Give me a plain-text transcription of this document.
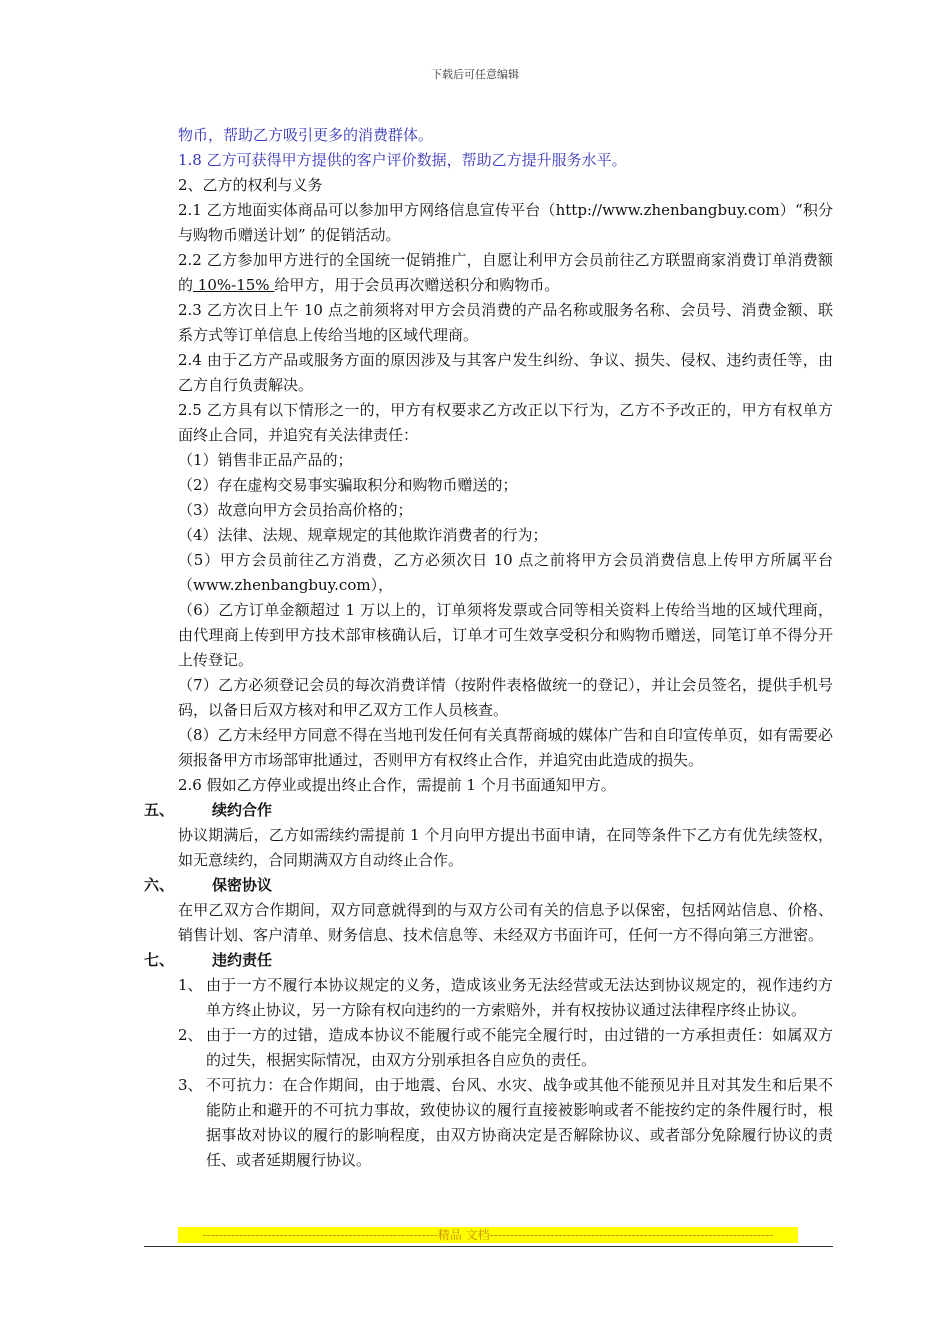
下载后可任意编辑
物币，帮助乙方吸引更多的消费群体。
1.8 乙方可获得甲方提供的客户评价数据，帮助乙方提升服务水平。
2、乙方的权利与义务
2.1 乙方地面实体商品可以参加甲方网络信息宣传平台（http://www.zhenbangbuy.com）“积分与购物币赠送计划” 的促销活动。
2.2 乙方参加甲方进行的全国统一促销推广，自愿让利甲方会员前往乙方联盟商家消费订单消费额的 10%-15% 给甲方，用于会员再次赠送积分和购物币。
2.3 乙方次日上午 10 点之前须将对甲方会员消费的产品名称或服务名称、会员号、消费金额、联系方式等订单信息上传给当地的区域代理商。
2.4 由于乙方产品或服务方面的原因涉及与其客户发生纠纷、争议、损失、侵权、违约责任等，由乙方自行负责解决。
2.5 乙方具有以下情形之一的，甲方有权要求乙方改正以下行为，乙方不予改正的，甲方有权单方面终止合同，并追究有关法律责任：
（1）销售非正品产品的；
（2）存在虚构交易事实骗取积分和购物币赠送的；
（3）故意向甲方会员抬高价格的；
（4）法律、法规、规章规定的其他欺诈消费者的行为；
（5）甲方会员前往乙方消费，乙方必须次日 10 点之前将甲方会员消费信息上传甲方所属平台（www.zhenbangbuy.com），
（6）乙方订单金额超过 1 万以上的，订单须将发票或合同等相关资料上传给当地的区域代理商，由代理商上传到甲方技术部审核确认后，订单才可生效享受积分和购物币赠送，同笔订单不得分开上传登记。
（7）乙方必须登记会员的每次消费详情（按附件表格做统一的登记），并让会员签名，提供手机号码，以备日后双方核对和甲乙双方工作人员核查。
（8）乙方未经甲方同意不得在当地刊发任何有关真帮商城的媒体广告和自印宣传单页，如有需要必须报备甲方市场部审批通过，否则甲方有权终止合作，并追究由此造成的损失。
2.6 假如乙方停业或提出终止合作，需提前 1 个月书面通知甲方。
五、	续约合作
协议期满后，乙方如需续约需提前 1 个月向甲方提出书面申请，在同等条件下乙方有优先续签权，如无意续约，合同期满双方自动终止合作。
六、	保密协议
在甲乙双方合作期间，双方同意就得到的与双方公司有关的信息予以保密，包括网站信息、价格、销售计划、客户清单、财务信息、技术信息等、未经双方书面许可，任何一方不得向第三方泄密。
七、	违约责任
1、 由于一方不履行本协议规定的义务，造成该业务无法经营或无法达到协议规定的，视作违约方单方终止协议，另一方除有权向违约的一方索赔外，并有权按协议通过法律程序终止协议。
2、 由于一方的过错，造成本协议不能履行或不能完全履行时，由过错的一方承担责任：如属双方的过失，根据实际情况，由双方分别承担各自应负的责任。
3、 不可抗力：在合作期间，由于地震、台风、水灾、战争或其他不能预见并且对其发生和后果不能防止和避开的不可抗力事故，致使协议的履行直接被影响或者不能按约定的条件履行时，根据事故对协议的履行的影响程度，由双方协商决定是否解除协议、或者部分免除履行协议的责任、或者延期履行协议。
----------------------------------------------------------精品 文档----------------------------------------------------------------------
